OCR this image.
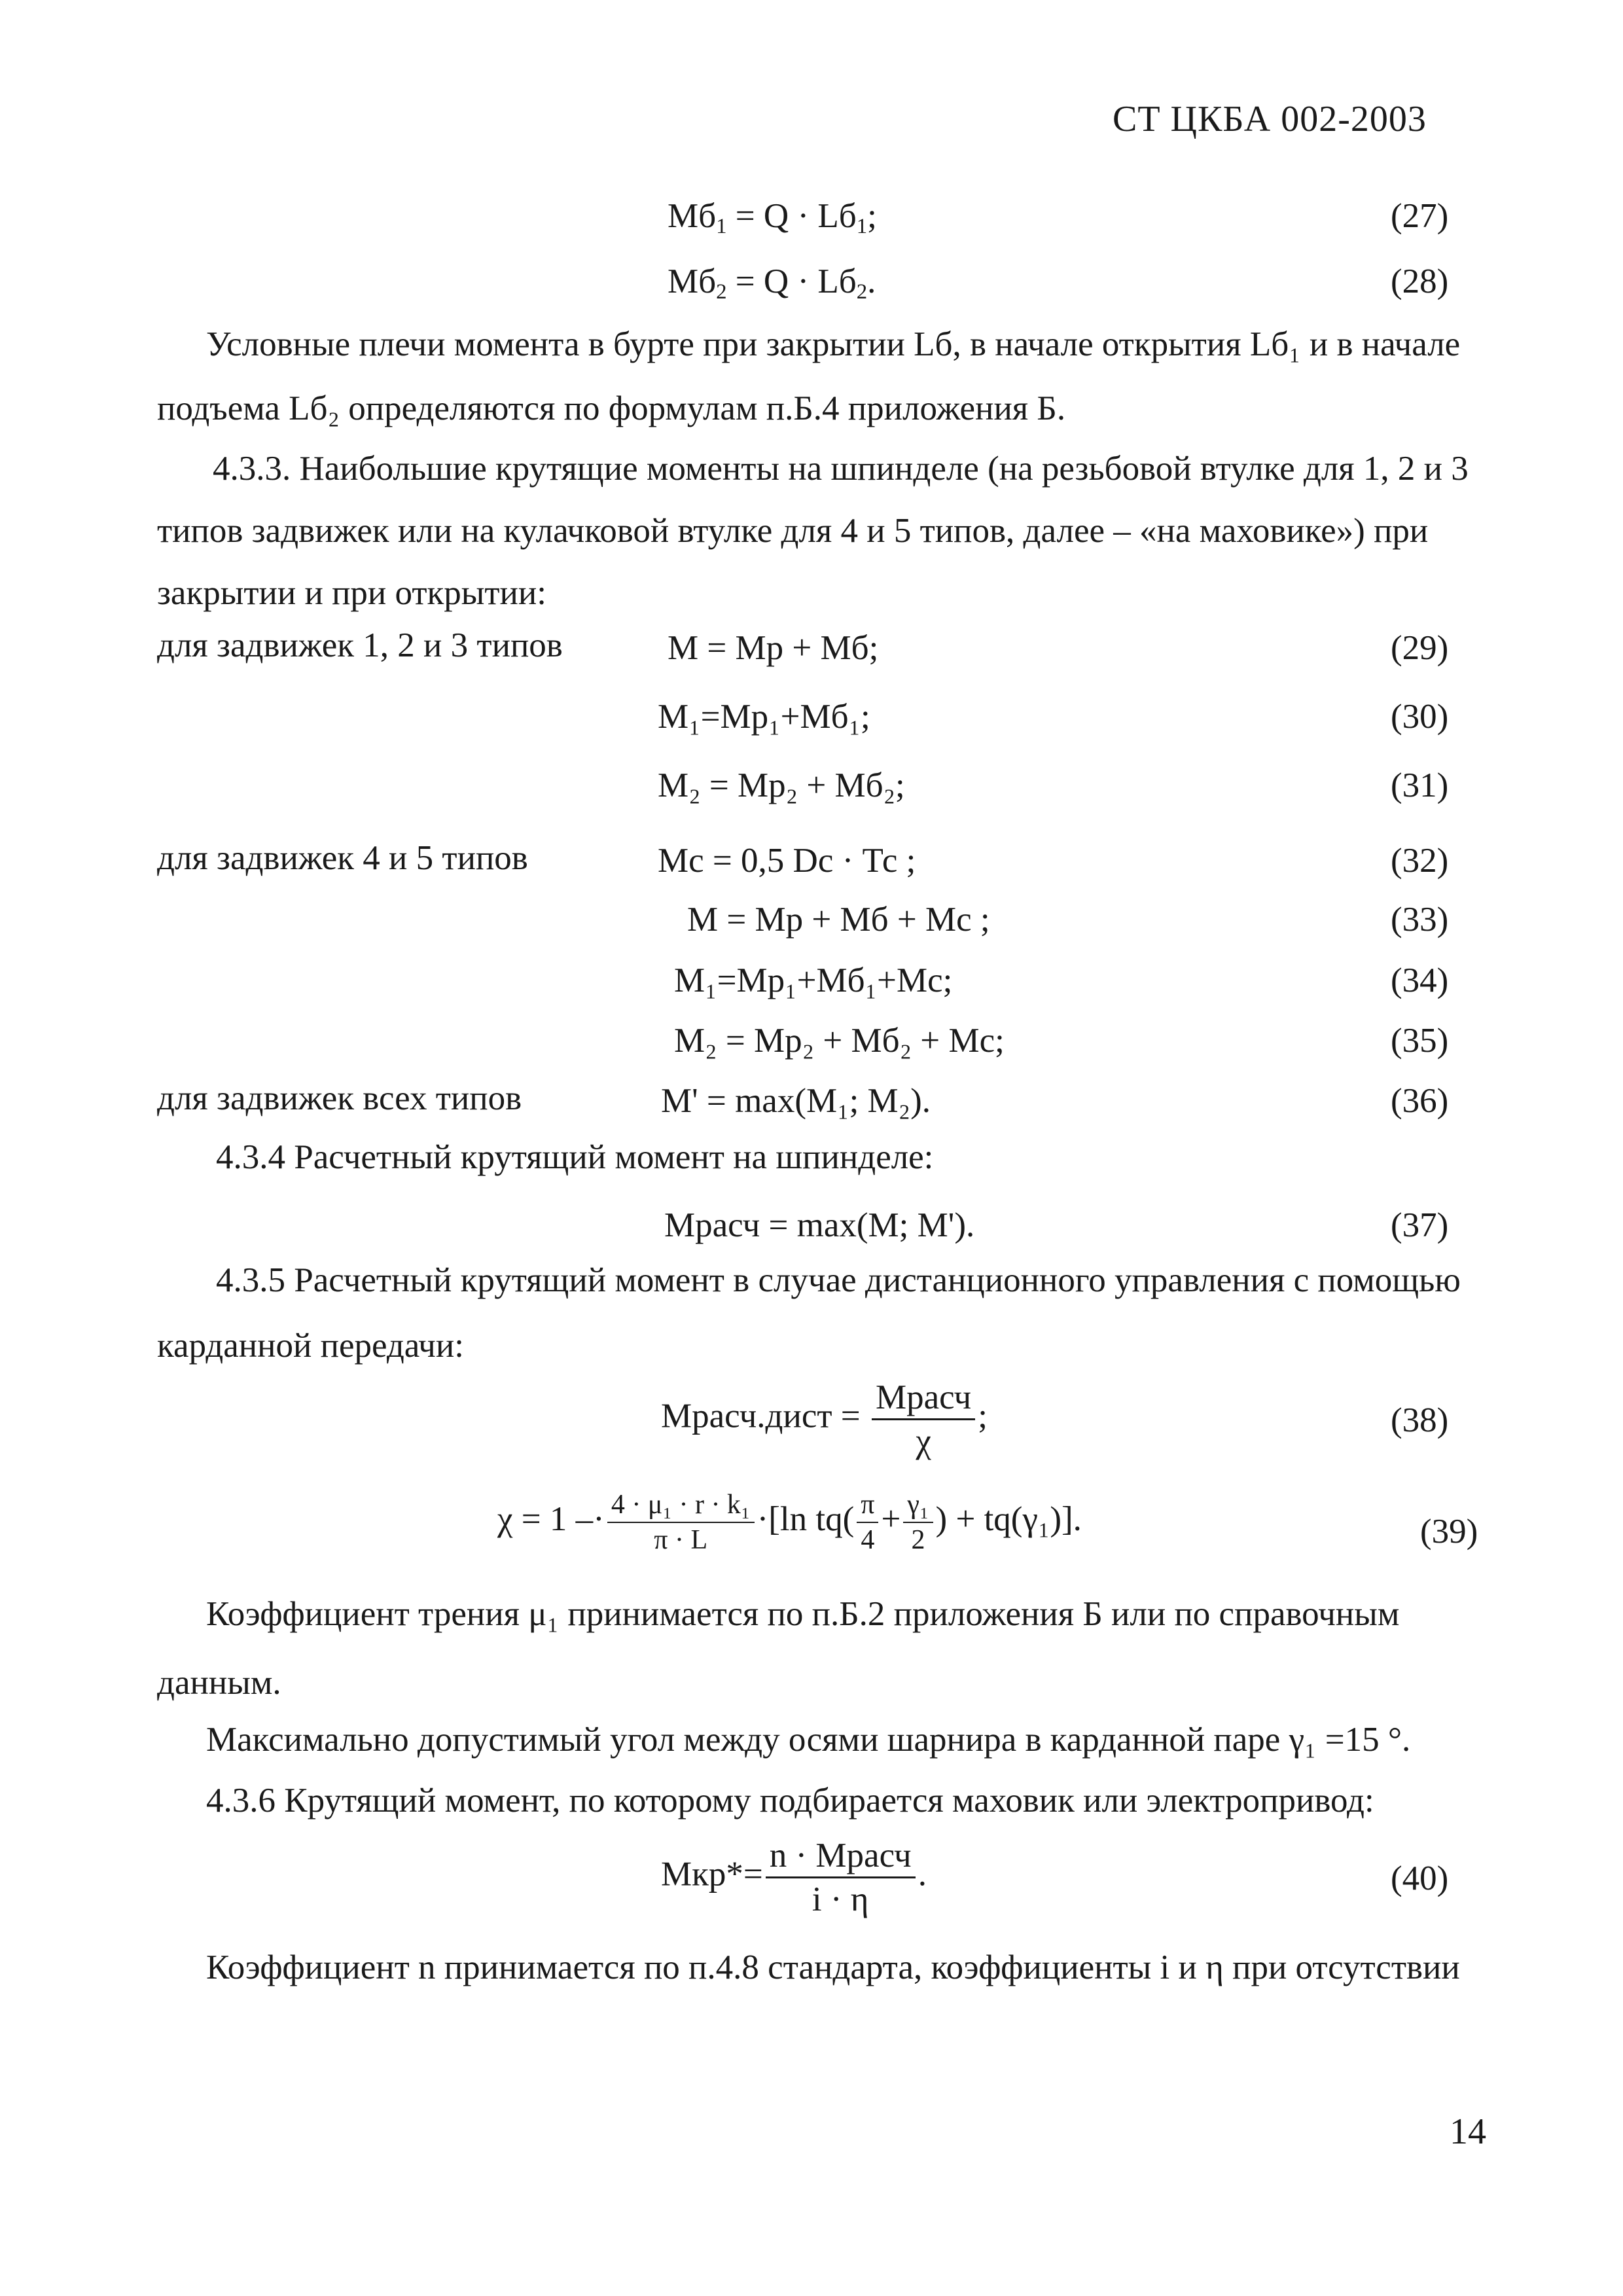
СТ ЦКБА 002-2003
$Мб_1 = Q \cdot Lб_1$;	(27)
$Мб_2 = Q \cdot Lб_2$.	(28)
Условные плечи момента в бурте при закрытии Lб, в начале открытия Lб₁ и в начале
подъема Lб₂ определяются по формулам п.Б.4 приложения Б.
4.3.3. Наибольшие крутящие моменты на шпинделе (на резьбовой втулке для 1, 2 и 3
типов задвижек или на кулачковой втулке для 4 и 5 типов, далее – «на маховике») при
закрытии и при открытии:
для задвижек 1, 2 и 3 типов
для задвижек 4 и 5 типов
для задвижек всех типов
М = Мр + Мб;	(29)
М₁=Мр₁+Мб₁;	(30)
М₂ = Мр₂ + Мб₂;	(31)
Мс = 0,5 Dc · Тс ;	(32)
М = Мр + Мб + Мс ;	(33)
М₁=Мр₁+Мб₁+Мс;	(34)
М₂ = Мр₂ + Мб₂ + Мс;	(35)
М' = max(М₁; М₂).	(36)
4.3.4 Расчетный крутящий момент на шпинделе:
Мрасч = max(М; М').	(37)
4.3.5 Расчетный крутящий момент в случае дистанционного управления с помощью
карданной передачи:
Мрасч.дист = $\frac{\text{Мрасч}}{\chi}$ ;	(38)
$\chi = 1 -\cdot \frac{\text{4 · μ₁ · r · k₁}}{\pi \cdot L} \cdot[\ln$ $tq( \frac{\pi}{4} + \frac{\text{γ₁}}{2}$ ) + tq(γ₁)].	(39)
Коэффициент трения μ₁ принимается по п.Б.2 приложения Б или по справочным
данным.
Максимально допустимый угол между осями шарнира в карданной паре γ₁ =15 °.
4.3.6 Крутящий момент, по которому подбирается маховик или электропривод:
$Мкр*= \frac{\text{n · Мрасч}}{i \cdot \eta}$ .	(40)
Коэффициент n принимается по п.4.8 стандарта, коэффициенты i и η при отсутствии
14
